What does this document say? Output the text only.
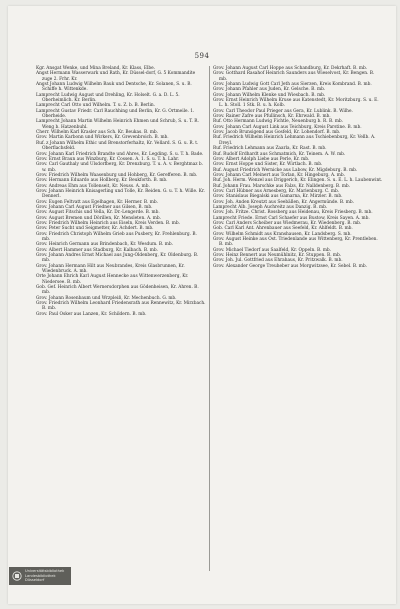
594

Kgr. Ansgat Wenke, und Mina Breland, Kr. Klass, Elbe.

Angst Hermann Wasserwark und Rath, Kr. Düssel-dorf, G. 5 Kommandite zuge 2. Frhr. Kr.

Angst Johann Ludwig Wilhelm Bauk und Dentsche, Kr. Solanen, S. u. B. Schiffe h. Wittenkde.

Lamprecht Ludwig August und Drehling, Kr. Holselt. G. a. D. L. 5. Oberheimlich. Kr. Berlin.

Lamprecht Carl Otto und Wilhelm. T. u. Z. b. B. Berlin.

Lamprecht Gustav Friedr. Carl Rauchhing und Berlin, Kr. G. Ortmeile. 1. Oberheide.

Lamprecht Johann Martin Wilhelm Heinrich Ehmen und Schrub, S. u. T. R. Weng b. Hatzenbuhl.

Cherr. Wilhelm Karl Krasler aus Sch. Kr. Beukas. B. mb.

Grov. Martin Karbonn und Wirkers, Kr. Grevenbroich. B. mb.

Ruf. z Johann Wilhelm Ethic und Brenstorferhaltz, Kr. Vellard. S. G. u. R. t. Oberflachsfeld.

Grov. Johann Karl Friedrich Brandte und Ahres, Kr. Legding. S. u. T. h. Bade.

Grov. Ernst Braun aus Winzburg, Kr. Cossen. A. 1. S. u. T. h. Lahr.

Grov. Carl Gauthaly und Ulsdorfberg, Kr. Drenzburg. T. u. A. v. Berghtmaz b. w. mb.

Grov. Friedrich Wilhelm Waasenburg und Hohberg, Kr. Gerefferen. B. mb.

Grov. Hermann Eduardo aus Hollberg, Kr. Beukforth. B. mb.

Grov. Andreas Ehm aus Tollenseit, Kr. Neuss. A. mb.

Grov. Johann Heinrich Knisagerling und Tolle, Kr. Reiden. G. u. T. h. Wille. Kr. Dennerl.

Grov. Eugen Feltvatt aus Egelhagen, Kr. Hermer. B. mb.

Grov. Johann Carl August Friedner aus Gilsen, B. mb.

Grov. August Fitschis und Vella, Kr. Dr.-Lengerde. B. mb.

Grov. August Bremen und Dörillen, Kr. Mensleten. A. mb.

Grov. Friedrich Wilhelm Heinrich aus Eiseln, Kreis Verden. B. mb.

Grov. Peter Sucht und Seigmetter, Kr. Achdert. B. mb.

Grov. Friedrich Christoph Wilhelm Grieb aus Pusbery, Kr. Frehlenburg. B. mb.

Grov. Heinrich Germann aus Brindenbach, Kr. Wesdum. B. mb.

Grov. Albert Hammer aus Stadburg, Kr. Kalbach. B. mb.

Grov. Johann Andres Ernst Michael aus Jung-Oldenberg, Kr. Oldenburg. B. mb.

Grov. Johann Hermann Hilt aus Neubrandes, Kreis Glasbrunnen, Kr. Wiedenbruck. A. mb.

Orte Johann Ehrich Karl August Hennecke aus Wittenwerzenberg, Kr. Niedersee. B. mb.

Gob. Gef. Heinrich Albert Wernersdorphen aus Gödenheisen, Kr. Ahren. B. mb.

Grov. Johann Rosenbaum und Wrzpleiß, Kr. Mechenbuch. G. mb.

Grov. Friedrich Wilhelm Leonhard Friedensrath aus Rennewitz, Kr. Mirzbach. B. mb.

Grov. Paul Osker aus Lanzen, Kr. Schildern. B. mb.

Grov. Johann August Carl Hoppe aus Schandburg, Kr. Dekrhaft. B. mb.

Grov. Gotthard Rasahof Heinrich Saunders aus Wieselvost, Kr. Bengen. B. mb.

Grov. Johann Ludwig Gott Carl Jeth aus Sierzen, Kreis Kombrand. B. mb.

Grov. Johann Pfahler aus Juden, Kr. Gelsche. B. mb.

Grov. Johann Wilhelm Klenke und Wiesbach. B. mb.

Grov. Ernst Heinrich Wilhelm Kruse aus Katenstedt, Kr. Moritzburg. S. u. E. L. h. Stoll. 1 Stk. B. u. h. Kolb.

Grov. Carl Theodor Paul Prieger aus Gera, Kr. Lublink. B. Wilhe.

Grov. Rainer Zafre aus Pfullinsch, Kr. Ehrwald. B. mb.

Ruf. Otto Hermann Ludwig Fichtle, Neuenburg b. R. B. mb.

Grov. Johann Carl August Link aus Teichburg, Kreis Parstine. B. mb.

Grov. Jacob Brunsigend aus Gosfeld, Kr. Lohendorf. B. mb.

Ruf. Friedrich Wilhelm Heinrich Lehmann aus Tschiebenburg, Kr. Vellb. A. Dreyl.

Ruf. Friedrich Lehmann aus Zaarla, Kr. Rast. B. mb.

Ruf. Rudolf Erdhardt aus Schmatmich, Kr. Teinem. A. W. mb.

Grov. Albert Adolph Liebe aus Perle, Kr. mb.

Grov. Ernst Hoppe und Sister, Kr. Wirtlach. B. mb.

Ruf. August Friedrich Wernicke aus Labow, Kr. Migdeburg. B. mb.

Grov. Johann Carl Meinert aus Torlan, Kr. Hingeburg. A. mb.

Ruf. Joh. Herm. Wenzel aus Driggerich, Kr. Elingen. S. u. E. L. h. Laubenwint.

Ruf. Johann Frau. Marschke aus Falzs, Kr. Nalldenberg. B. mb.

Grov. Carl Hübner aus Arnesberg, Kr. Marienburg. C. mb.

Grov. Stanislaus Biegalski aus Gamarna, Kr. Mirzler. B. mb.

Grov. Joh. Anden Kreutzt aus Seebällen, Kr. Angermünde. B. mb.

Lamprecht Alb. Joseph Auchreitz aus Danzig. B. mb.

Grov. Joh. Fritze. Christ. Rossberg aus Heidenau, Kreis Friesberg. B. mb.

Lamprecht Friede. Ernst Carl Schaefer aus Bustow, Kreis Sayen. A. mb.

Grov. Carl Anders Scheiber aus Wiedmerau, Kr. Wiedenberg. B. mb.

Gob. Carl Karl Ant. Ahrenbauer aus Seefeld, Kr. Ahlfeldt. B. mb.

Grov. Wilhelm Schmidt aus Kranshausen, Kr. Landsberg. S. mb.

Grov. August Heinke aus Ost. Triedenlande aus Wittenberg, Kr. Prentleben. B. mb.

Grov. Michael Tiedorf aus Saalfeld, Kr. Oppeln. B. mb.

Grov. Heinz Bennert aus Neumühlnitz, Kr. Stuppen. B. mb.

Grov. Joh. Jul. Gottfried aus Ehrahaus, Kr. Pritzwalk. B. mb.

Grov. Alexander George Treuheber aus Morgwitzsee, Kr. Sebel. B. mb.

Universitätsbibliothek
Landesbibliothek Düsseldorf
